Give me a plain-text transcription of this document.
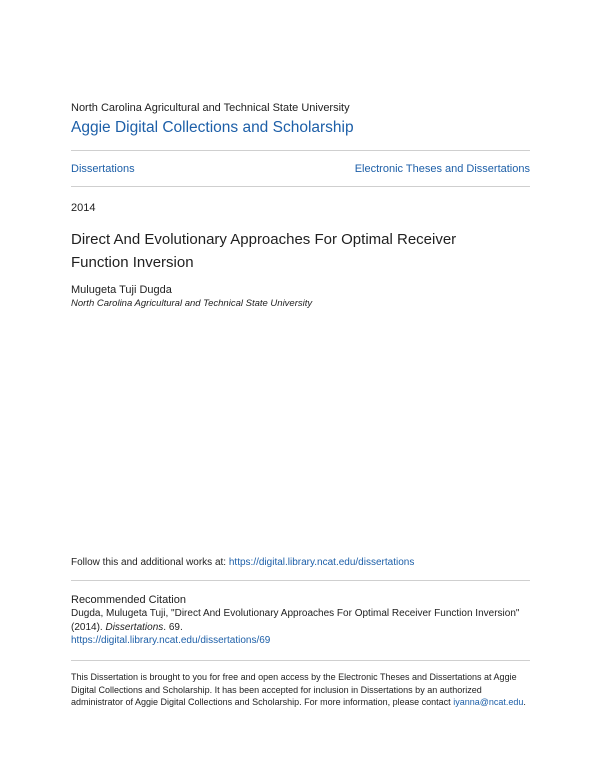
North Carolina Agricultural and Technical State University
Aggie Digital Collections and Scholarship
Dissertations	Electronic Theses and Dissertations
2014
Direct And Evolutionary Approaches For Optimal Receiver Function Inversion
Mulugeta Tuji Dugda
North Carolina Agricultural and Technical State University
Follow this and additional works at: https://digital.library.ncat.edu/dissertations
Recommended Citation
Dugda, Mulugeta Tuji, "Direct And Evolutionary Approaches For Optimal Receiver Function Inversion" (2014). Dissertations. 69.
https://digital.library.ncat.edu/dissertations/69
This Dissertation is brought to you for free and open access by the Electronic Theses and Dissertations at Aggie Digital Collections and Scholarship. It has been accepted for inclusion in Dissertations by an authorized administrator of Aggie Digital Collections and Scholarship. For more information, please contact iyanna@ncat.edu.
